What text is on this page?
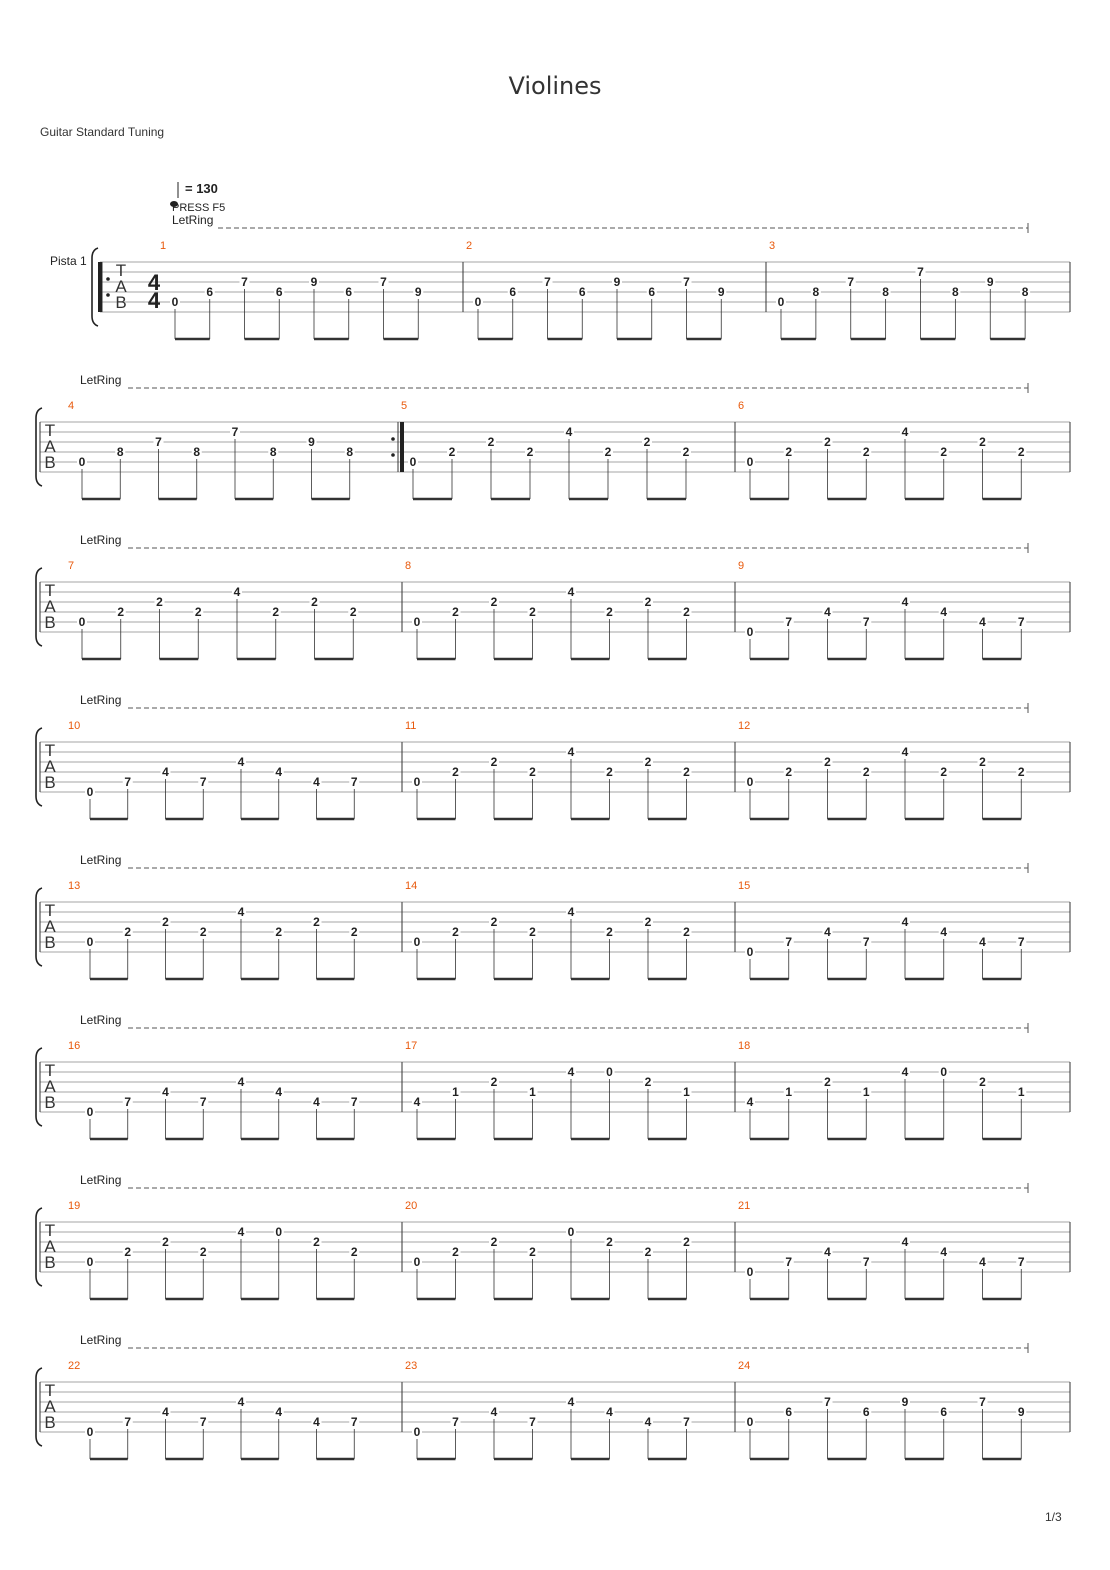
Violines
Guitar Standard Tuning
Pista 1 T
A
B
LetRing
1
0
6
7
6
9
6
7
9
2
0
6
7
6
9
6
7
9
3
0
8
7
8
7
8
9
8
T
A
B
LetRing
4
0
8
7
8
7
8
9
8
5
0
2
2
2
4
2
2
2
6
0
2
2
2
4
2
2
2
T
A
B
LetRing
7
0
2
2
2
4
2
2
2
8
0
2
2
2
4
2
2
2
9
0
7
4
7
4
4
4	7
T
A
B
LetRing
10
0
7
4
7
4
4
4	7
11
0
2
2
2
4
2
2
2
12
0
2
2
2
4
2
2
2
T
A
B
LetRing
13
0
2
2
2
4
2
2
2
14
0
2
2
2
4
2
2
2
15
0
7
4
7
4
4
4	7
T
A
B
LetRing
16
0
7
4
7
4
4
4	7
17
4
1
2
1
4	0
2
1
18
4
1
2
1
4	0
2
1
T
A
B
LetRing
19
0
2
2
2
4	0
2
2
20
0
2
2
2
0
2
2
2
21
0
7
4
7
4
4
4	7
T
A
B
LetRing
22
0
7
4
7
4
4
4	7
23
0
7
4
7
4
4
4	7
24
0
6
7
6
9
6
7
9
= 130
PRESS F5
4
4
1/3
